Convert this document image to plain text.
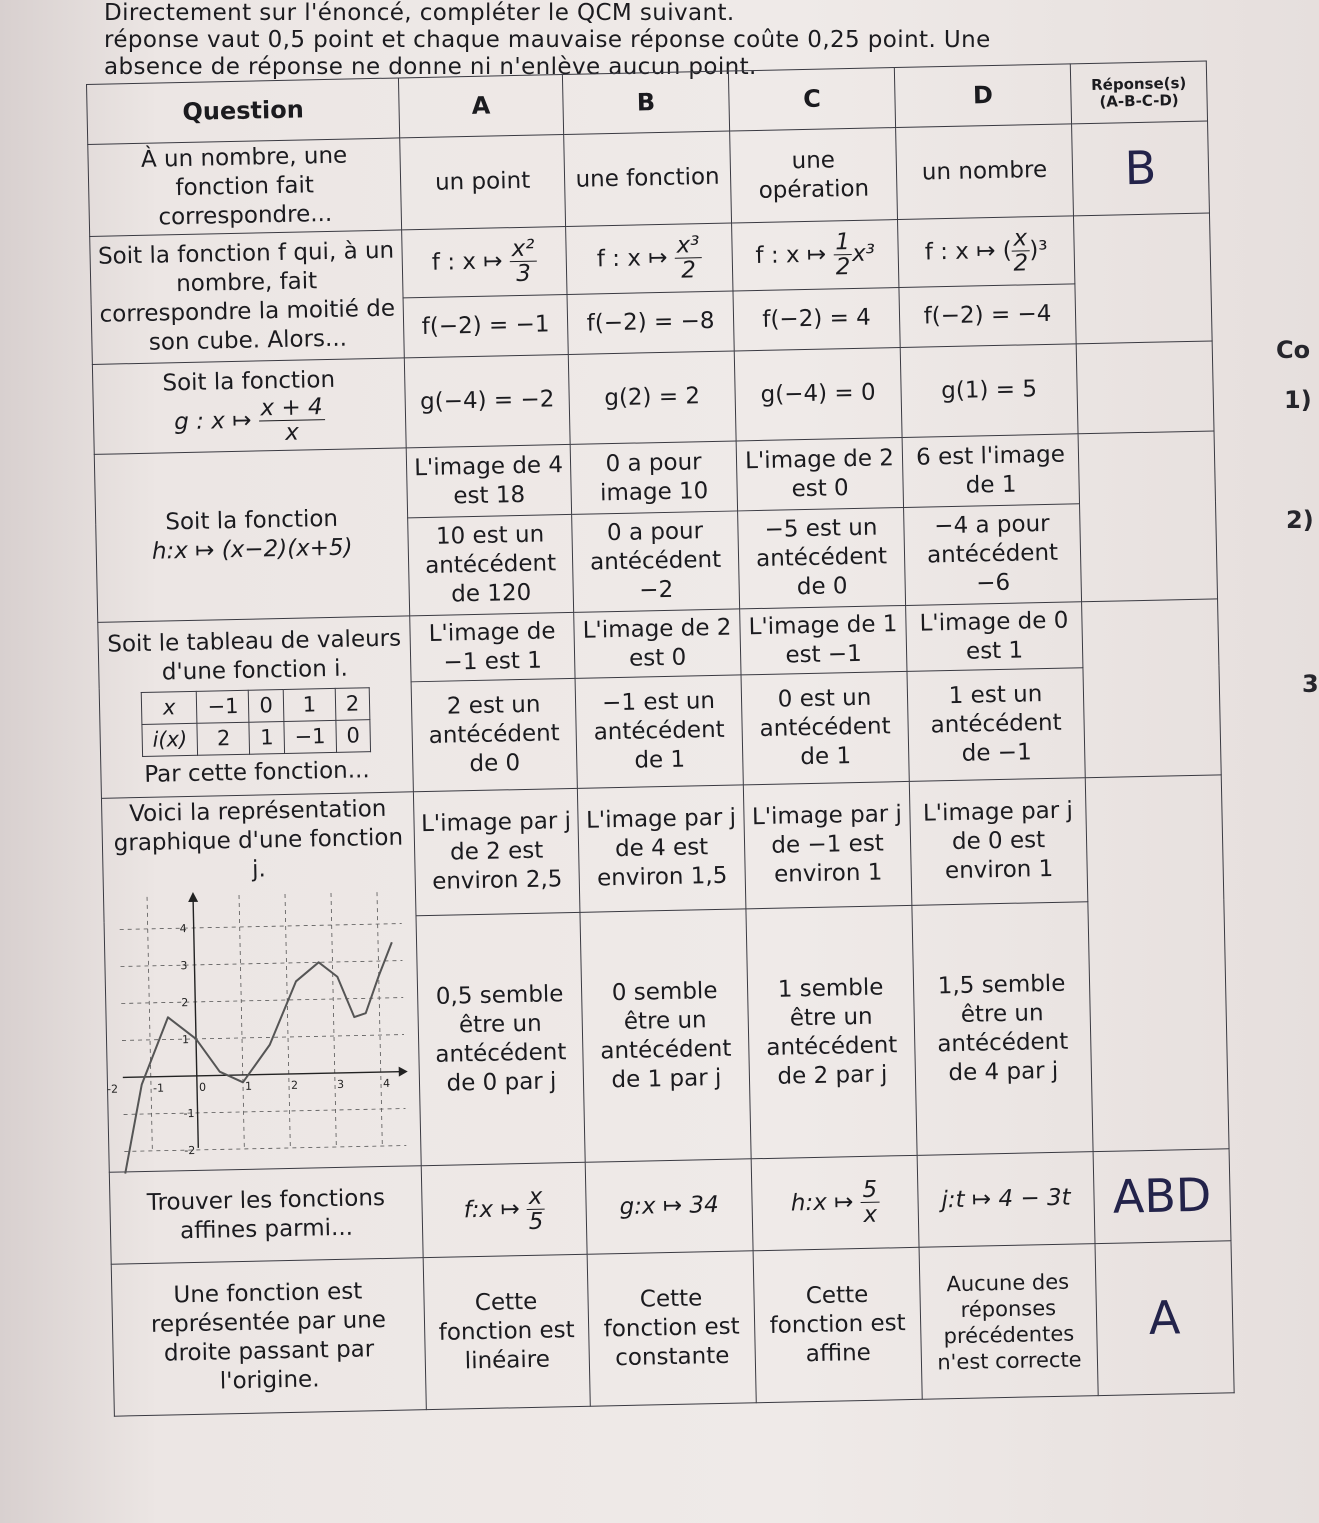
Directement sur l'énoncé, compléter le QCM suivant.
réponse vaut 0,5 point et chaque mauvaise réponse coûte 0,25 point. Une
absence de réponse ne donne ni n'enlève aucun point.
Question	A	B	C	D	Réponse(s)
(A-B-C-D)

À un nombre, une fonction fait correspondre...	un point	une fonction	une opération	un nombre	B
Soit la fonction f qui, à un nombre, fait correspondre la moitié de son cube. Alors...	f : x ↦ $\frac{\text{x²}}{3}$	f : x ↦ $\frac{\text{x³}}{2}$	f : x ↦ $\frac{1}{2} x^3$	f : x ↦ ( $\frac{x}{2} )^3$	
f(−2) = −1	f(−2) = −8	f(−2) = 4	f(−2) = −4

Soit la fonction
g : x ↦ $\frac{x + 4}{x}$	g(−4) = −2	g(2) = 2	g(−4) = 0	g(1) = 5	

Soit la fonction
h:x ↦ (x−2)(x+5)
	L'image de 4 est 18	0 a pour image 10	L'image de 2 est 0	6 est l'image de 1	
10 est un antécédent de 120	0 a pour antécédent −2	−5 est un antécédent de 0	−4 a pour antécédent −6

Soit le tableau de valeurs d'une fonction i.
x	−1	0	1	2
i(x)	2	1	−1	0
Par cette fonction...
	L'image de −1 est 1	L'image de 2 est 0	L'image de 1 est −1	L'image de 0 est 1	
2 est un antécédent de 0	−1 est un antécédent de 1	0 est un antécédent de 1	1 est un antécédent de −1

Voici la représentation graphique d'une fonction j.
-2	-1	0	1	2	3	4
-2
-1
1
2
3
4
	L'image par j de 2 est environ 2,5	L'image par j de 4 est environ 1,5	L'image par j de −1 est environ 1	L'image par j de 0 est environ 1	
0,5 semble être un antécédent de 0 par j	0 semble être un antécédent de 1 par j	1 semble être un antécédent de 2 par j	1,5 semble être un antécédent de 4 par j
Trouver les fonctions affines parmi...	f:x ↦ $\frac{x}{5}$	g:x ↦ 34	h:x ↦ $\frac{5}{x}$	j:t ↦ 4 − 3t	ABD
Une fonction est représentée par une droite passant par l'origine.	Cette fonction est linéaire	Cette fonction est constante	Cette fonction est affine	Aucune des réponses précédentes n'est correcte	A
Co
1)
2)
3
